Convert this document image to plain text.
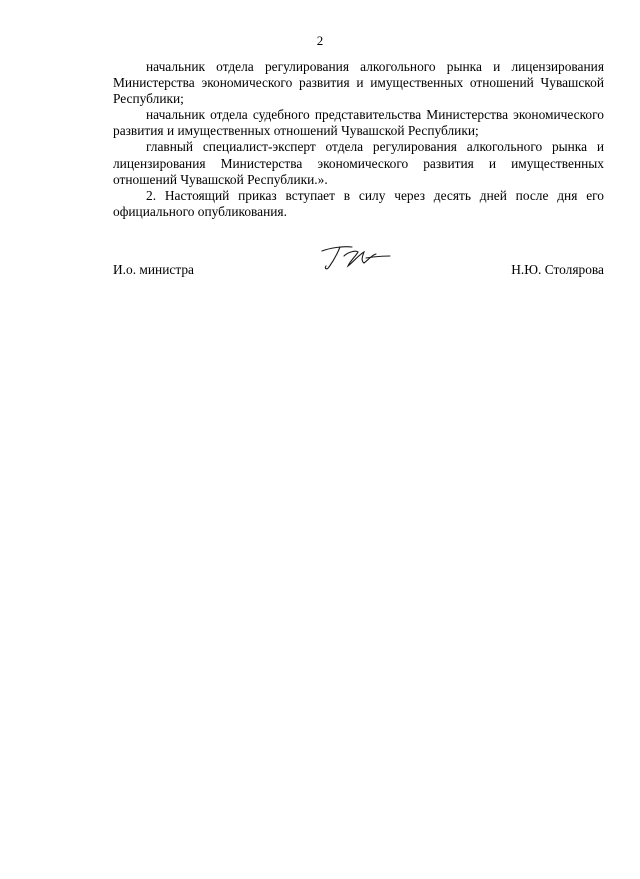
2

начальник отдела регулирования алкогольного рынка и лицензирования Министерства экономического развития и имущественных отношений Чувашской Республики;

начальник отдела судебного представительства Министерства экономического развития и имущественных отношений Чувашской Республики;

главный специалист-эксперт отдела регулирования алкогольного рынка и лицензирования Министерства экономического развития и имущественных отношений Чувашской Республики.».

2. Настоящий приказ вступает в силу через десять дней после дня его официального опубликования.

И.о. министра	Н.Ю. Столярова
